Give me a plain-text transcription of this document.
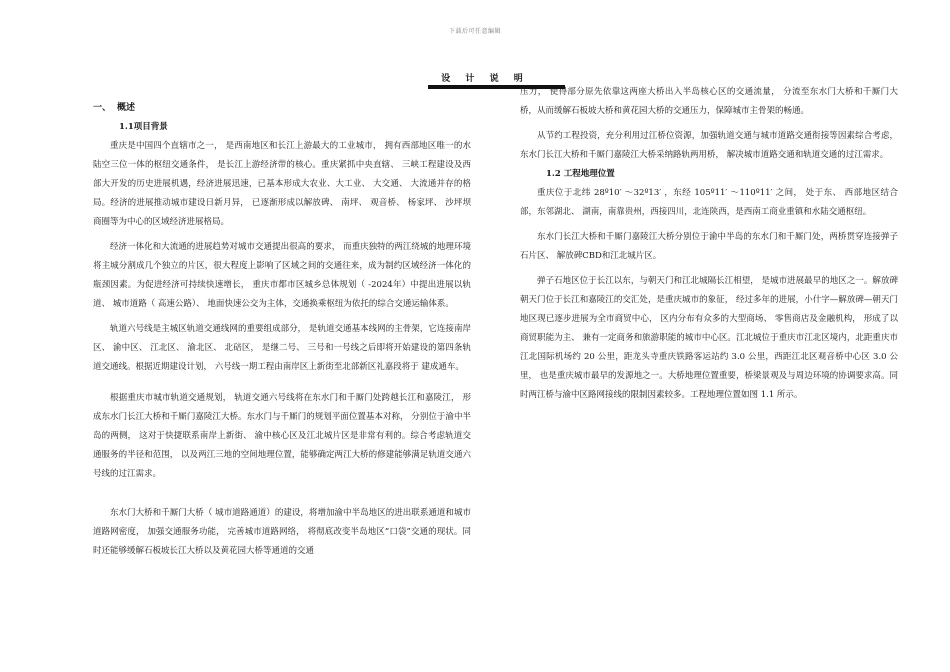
下载后可任意编辑
设 计 说 明
一、 概述
1.1项目背景

重庆是中国四个直辖市之一， 是西南地区和长江上游最大的工业城市， 拥有西部地区唯一的水陆空三位一体的枢纽交通条件， 是长江上游经济带的核心。重庆紧抓中央直辖、 三峡工程建设及西部大开发的历史进展机遇，经济进展迅速，已基本形成大农业、大工业、 大交通、 大流通并存的格局。经济的进展推动城市建设日新月异， 已逐渐形成以解放碑、 南坪、 观音桥、 杨家坪、 沙坪坝商圈等为中心的区域经济进展格局。

经济一体化和大流通的进展趋势对城市交通提出很高的要求， 而重庆独特的两江绕城的地理环境将主城分割成几个独立的片区，很大程度上影响了区域之间的交通往来，成为制约区域经济一体化的瓶颈因素。为促进经济可持续快速增长， 重庆市都市区城乡总体规划（ -2024年）中提出进展以轨道、 城市道路（ 高速公路）、 地面快速公交为主体，交通换乘枢纽为依托的综合交通运输体系。

轨道六号线是主城区轨道交通线网的重要组成部分， 是轨道交通基本线网的主骨架，它连接南岸区、 渝中区、 江北区、 渝北区、 北碚区， 是继二号、 三号和一号线之后即将开始建设的第四条轨道交通线。根据近期建设计划， 六号线一期工程由南岸区上新街至北部新区礼嘉段将于 建成通车。

根据重庆市城市轨道交通规划， 轨道交通六号线将在东水门和千厮门处跨越长江和嘉陵江， 形成东水门长江大桥和千厮门嘉陵江大桥。东水门与千厮门的规划平面位置基本对称， 分别位于渝中半岛的两侧， 这对于快捷联系南岸上新街、 渝中核心区及江北城片区是非常有利的。综合考虑轨道交通服务的半径和范围， 以及两江三地的空间地理位置，能够确定两江大桥的修建能够满足轨道交通六号线的过江需求。

东水门大桥和千厮门大桥（ 城市道路通道）的建设，将增加渝中半岛地区的进出联系通道和城市道路网密度， 加强交通服务功能， 完善城市道路网络， 将彻底改变半岛地区”口袋”交通的现状。同时还能够缓解石板坡长江大桥以及黄花园大桥等通道的交通

压力， 使得部分原先依靠这两座大桥出入半岛核心区的交通流量， 分流至东水门大桥和千厮门大桥，从而缓解石板坡大桥和黄花园大桥的交通压力，保障城市主骨架的畅通。

从节约工程投资，充分利用过江桥位资源，加强轨道交通与城市道路交通衔接等因素综合考虑，东水门长江大桥和千厮门嘉陵江大桥采纳路轨两用桥， 解决城市道路交通和轨道交通的过江需求。

1.2 工程地理位置

重庆位于北纬 28º10′ ～32º13′ ，东经 105º11′ ～110º11′ 之间， 处于东、 西部地区结合部，东邻湖北、 湖南，南靠贵州，西接四川，北连陕西，是西南工商业重镇和水陆交通枢纽。

东水门长江大桥和千厮门嘉陵江大桥分别位于渝中半岛的东水门和千厮门处，两桥贯穿连接弹子石片区、 解放碑CBD和江北城片区。

弹子石地区位于长江以东，与朝天门和江北城隔长江相望， 是城市进展最早的地区之一。解放碑朝天门位于长江和嘉陵江的交汇处，是重庆城市的象征， 经过多年的进展，小什字—解放碑—朝天门地区现已逐步进展为全市商贸中心， 区内分布有众多的大型商场、 零售商店及金融机构， 形成了以商贸职能为主、 兼有一定商务和旅游职能的城市中心区。江北城位于重庆市江北区境内，北距重庆市江北国际机场约 20 公里，距龙头寺重庆铁路客运站约 3.0 公里，西距江北区观音桥中心区 3.0 公里， 也是重庆城市最早的发源地之一。大桥地理位置重要，桥梁景观及与周边环境的协调要求高。同时两江桥与渝中区路网接线的限制因素较多。工程地理位置如图 1.1 所示。
